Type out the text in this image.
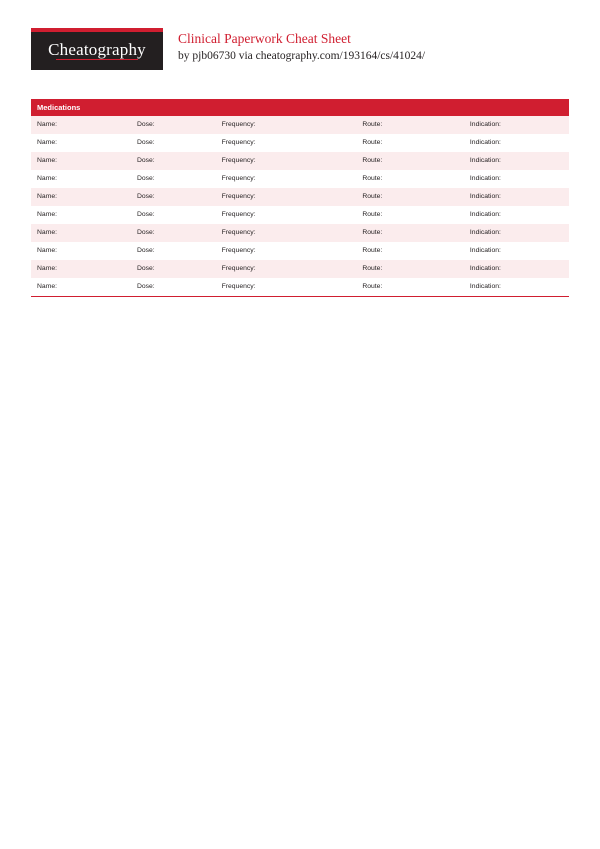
Cheatography
Clinical Paperwork Cheat Sheet

by pjb06730 via cheatography.com/193164/cs/41024/

Medications
Name:	Dose:	Frequency:	Route:	Indication:
Name:	Dose:	Frequency:	Route:	Indication:
Name:	Dose:	Frequency:	Route:	Indication:
Name:	Dose:	Frequency:	Route:	Indication:
Name:	Dose:	Frequency:	Route:	Indication:
Name:	Dose:	Frequency:	Route:	Indication:
Name:	Dose:	Frequency:	Route:	Indication:
Name:	Dose:	Frequency:	Route:	Indication:
Name:	Dose:	Frequency:	Route:	Indication:
Name:	Dose:	Frequency:	Route:	Indication:
